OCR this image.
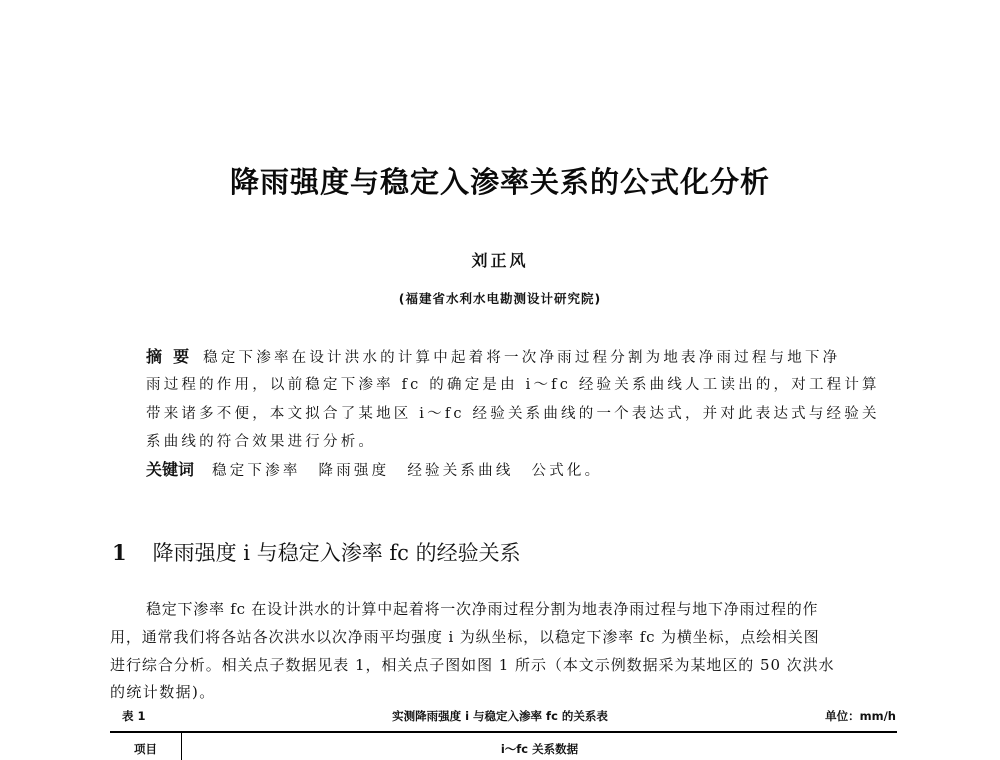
降雨强度与稳定入渗率关系的公式化分析
刘正风
(福建省水利水电勘测设计研究院)
摘  要 稳定下渗率在设计洪水的计算中起着将一次净雨过程分割为地表净雨过程与地下净
雨过程的作用，以前稳定下渗率 fc 的确定是由 i～fc 经验关系曲线人工读出的，对工程计算
带来诸多不便，本文拟合了某地区 i～fc 经验关系曲线的一个表达式，并对此表达式与经验关
系曲线的符合效果进行分析。
关键词 稳定下渗率 降雨强度 经验关系曲线 公式化。
1 降雨强度 i 与稳定入渗率 fc 的经验关系
稳定下渗率 fc 在设计洪水的计算中起着将一次净雨过程分割为地表净雨过程与地下净雨过程的作
用，通常我们将各站各次洪水以次净雨平均强度 i 为纵坐标，以稳定下渗率 fc 为横坐标，点绘相关图
进行综合分析。相关点子数据见表 1，相关点子图如图 1 所示（本文示例数据采为某地区的 50 次洪水
的统计数据)。
表 1	实测降雨强度 i 与稳定入渗率 fc 的关系表	单位：mm/h
项目	i～fc 关系数据
